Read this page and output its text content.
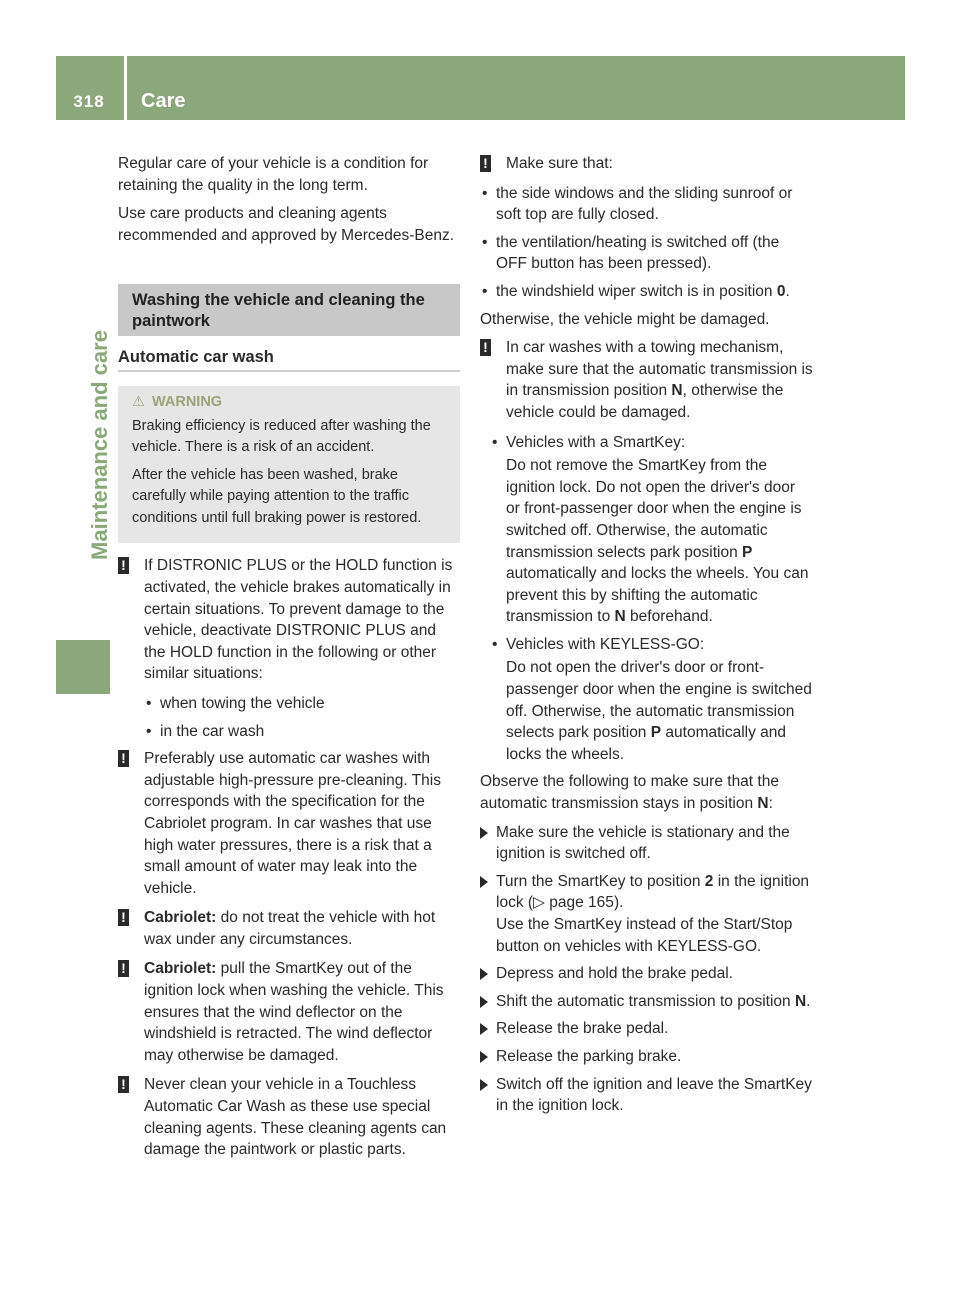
318	Care
Maintenance and care

Regular care of your vehicle is a condition for retaining the quality in the long term.

Use care products and cleaning agents recommended and approved by Mercedes-Benz.

Washing the vehicle and cleaning the paintwork
Automatic car wash
⚠ WARNING

Braking efficiency is reduced after washing the vehicle. There is a risk of an accident.

After the vehicle has been washed, brake carefully while paying attention to the traffic conditions until full braking power is restored.

! If DISTRONIC PLUS or the HOLD function is activated, the vehicle brakes automatically in certain situations. To prevent damage to the vehicle, deactivate DISTRONIC PLUS and the HOLD function in the following or other similar situations:
• when towing the vehicle
• in the car wash
! Preferably use automatic car washes with adjustable high-pressure pre-cleaning. This corresponds with the specification for the Cabriolet program. In car washes that use high water pressures, there is a risk that a small amount of water may leak into the vehicle.
! Cabriolet: do not treat the vehicle with hot wax under any circumstances.
! Cabriolet: pull the SmartKey out of the ignition lock when washing the vehicle. This ensures that the wind deflector on the windshield is retracted. The wind deflector may otherwise be damaged.
! Never clean your vehicle in a Touchless Automatic Car Wash as these use special cleaning agents. These cleaning agents can damage the paintwork or plastic parts.
! Make sure that:
• the side windows and the sliding sunroof or soft top are fully closed.
• the ventilation/heating is switched off (the OFF button has been pressed).
• the windshield wiper switch is in position 0.

Otherwise, the vehicle might be damaged.

! In car washes with a towing mechanism, make sure that the automatic transmission is in transmission position N, otherwise the vehicle could be damaged.
• Vehicles with a SmartKey:
Do not remove the SmartKey from the ignition lock. Do not open the driver's door or front-passenger door when the engine is switched off. Otherwise, the automatic transmission selects park position P automatically and locks the wheels. You can prevent this by shifting the automatic transmission to N beforehand.
• Vehicles with KEYLESS-GO:
Do not open the driver's door or front-passenger door when the engine is switched off. Otherwise, the automatic transmission selects park position P automatically and locks the wheels.

Observe the following to make sure that the automatic transmission stays in position N:

Make sure the vehicle is stationary and the ignition is switched off.
Turn the SmartKey to position 2 in the ignition lock (▷ page 165).
Use the SmartKey instead of the Start/Stop button on vehicles with KEYLESS-GO.
Depress and hold the brake pedal.
Shift the automatic transmission to position N.
Release the brake pedal.
Release the parking brake.
Switch off the ignition and leave the SmartKey in the ignition lock.
